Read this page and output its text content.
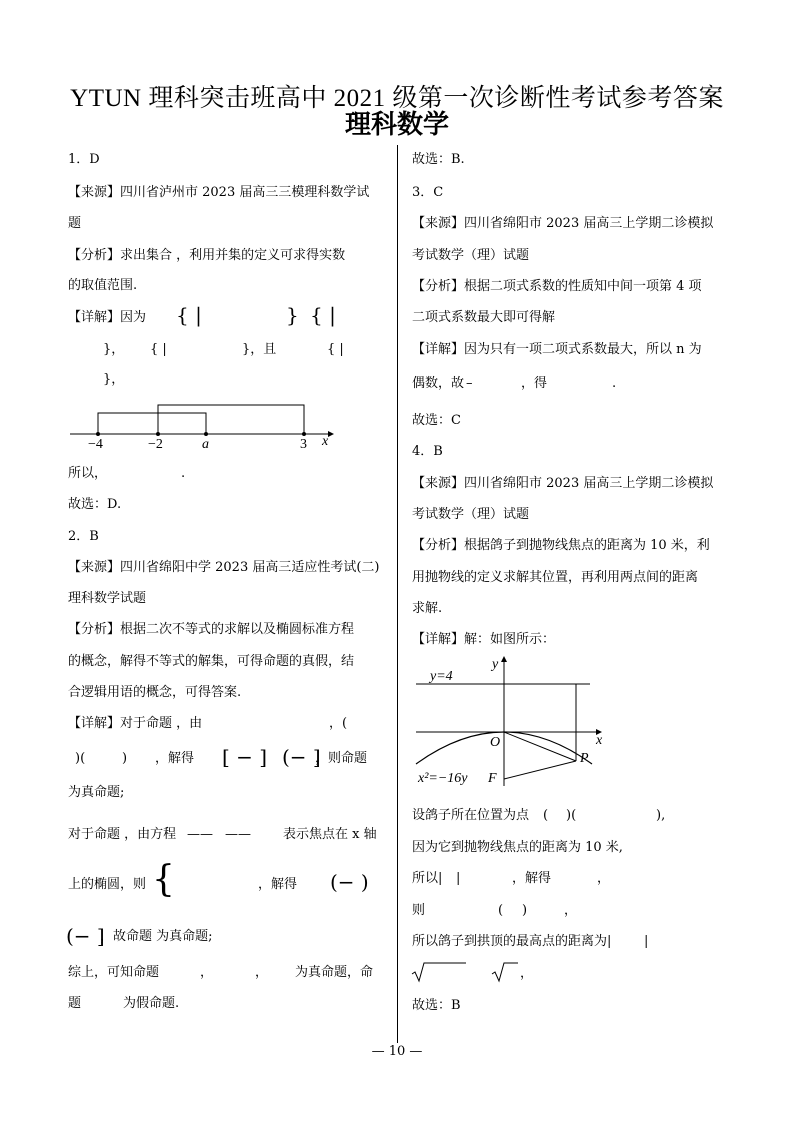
YTUN 理科突击班高中 2021 级第一次诊断性考试参考答案
理科数学
1．D
【来源】四川省泸州市 2023 届高三三模理科数学试
题
【分析】求出集合 ，利用并集的定义可求得实数
的取值范围.
【详解】因为 { |	} { |
}， { |	}，且	{ |
}，
−4	−2	a	3 x
所以，	.
故选：D.
2．B
【来源】四川省绵阳中学 2023 届高三适应性考试(二)
理科数学试题
【分析】根据二次不等式的求解以及椭圆标准方程
的概念，解得不等式的解集，可得命题的真假，结
合逻辑用语的概念，可得答案.
【详解】对于命题 ，由	，(
)(	) ，解得 [ − ] (− ]
，则命题
为真命题;
对于命题 ，由方程 —— —— 表示焦点在 x 轴
上的椭圆，则 {	，解得 (− )
(− ]
，故命题 为真命题;
综上，可知命题	，	， 为真命题，命
题	为假命题.
故选：B.
3．C
【来源】四川省绵阳市 2023 届高三上学期二诊模拟
考试数学（理）试题
【分析】根据二项式系数的性质知中间一项第 4 项
二项式系数最大即可得解
【详解】因为只有一项二项式系数最大，所以 n 为
偶数，故 –	，得	.
故选：C
4．B
【来源】四川省绵阳市 2023 届高三上学期二诊模拟
考试数学（理）试题
【分析】根据鸽子到抛物线焦点的距离为 10 米，利
用抛物线的定义求解其位置，再利用两点间的距离
求解.
【详解】解：如图所示：
y=4
y
x
O
P
F
x²=−16y
设鸽子所在位置为点 ( )(	),
因为它到抛物线焦点的距离为 10 米,
所以| |	，解得	，
则	( )	，
所以鸽子到拱顶的最高点的距离为|	|
，
故选：B
— 10 —
